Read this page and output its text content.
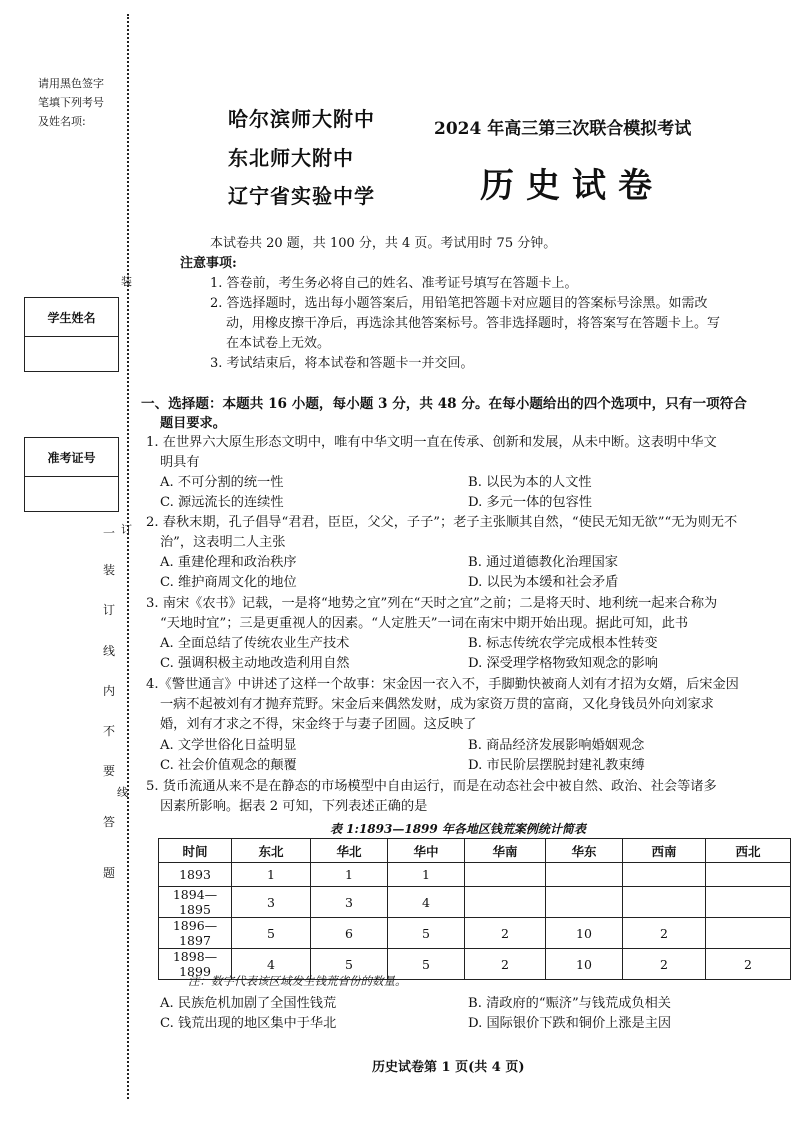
请用黑色签字
笔填下列考号
及姓名项:
学生姓名
准考证号
装
订
线
一
装
订
线
内
不
要
答
题
哈尔滨师大附中
东北师大附中
辽宁省实验中学
2024 年高三第三次联合模拟考试
历史试卷
本试卷共 20 题，共 100 分，共 4 页。考试用时 75 分钟。
注意事项:
1. 答卷前，考生务必将自己的姓名、准考证号填写在答题卡上。
2. 答选择题时，选出每小题答案后，用铅笔把答题卡对应题目的答案标号涂黑。如需改
动，用橡皮擦干净后，再选涂其他答案标号。答非选择题时，将答案写在答题卡上。写
在本试卷上无效。
3. 考试结束后，将本试卷和答题卡一并交回。
一、选择题：本题共 16 小题，每小题 3 分，共 48 分。在每小题给出的四个选项中，只有一项符合
题目要求。
1. 在世界六大原生形态文明中，唯有中华文明一直在传承、创新和发展，从未中断。这表明中华文
明具有
A. 不可分割的统一性	B. 以民为本的人文性
C. 源远流长的连续性	D. 多元一体的包容性
2. 春秋末期，孔子倡导“君君，臣臣，父父，子子”；老子主张顺其自然，“使民无知无欲”“无为则无不
治”，这表明二人主张
A. 重建伦理和政治秩序	B. 通过道德教化治理国家
C. 维护商周文化的地位	D. 以民为本缓和社会矛盾
3. 南宋《农书》记载，一是将“地势之宜”列在“天时之宜”之前；二是将天时、地利统一起来合称为
“天地时宜”；三是更重视人的因素。“人定胜天”一词在南宋中期开始出现。据此可知，此书
A. 全面总结了传统农业生产技术	B. 标志传统农学完成根本性转变
C. 强调积极主动地改造利用自然	D. 深受理学格物致知观念的影响
4.《警世通言》中讲述了这样一个故事：宋金因一衣入不，手脚勤快被商人刘有才招为女婿，后宋金因
一病不起被刘有才抛弃荒野。宋金后来偶然发财，成为家资万贯的富商，又化身钱员外向刘家求
婚，刘有才求之不得，宋金终于与妻子团圆。这反映了
A. 文学世俗化日益明显	B. 商品经济发展影响婚姻观念
C. 社会价值观念的颠覆	D. 市民阶层摆脱封建礼教束缚
5. 货币流通从来不是在静态的市场模型中自由运行，而是在动态社会中被自然、政治、社会等诸多
因素所影响。据表 2 可知，下列表述正确的是
表 1:1893—1899 年各地区钱荒案例统计简表
时间	东北	华北	华中	华南	华东	西南	西北
1893	1	1	1				
1894—1895	3	3	4				
1896—1897	5	6	5	2	10	2	
1898—1899	4	5	5	2	10	2	2
注：数字代表该区域发生钱荒省份的数量。
A. 民族危机加剧了全国性钱荒	B. 清政府的“赈济”与钱荒成负相关
C. 钱荒出现的地区集中于华北	D. 国际银价下跌和铜价上涨是主因
历史试卷第 1 页(共 4 页)
